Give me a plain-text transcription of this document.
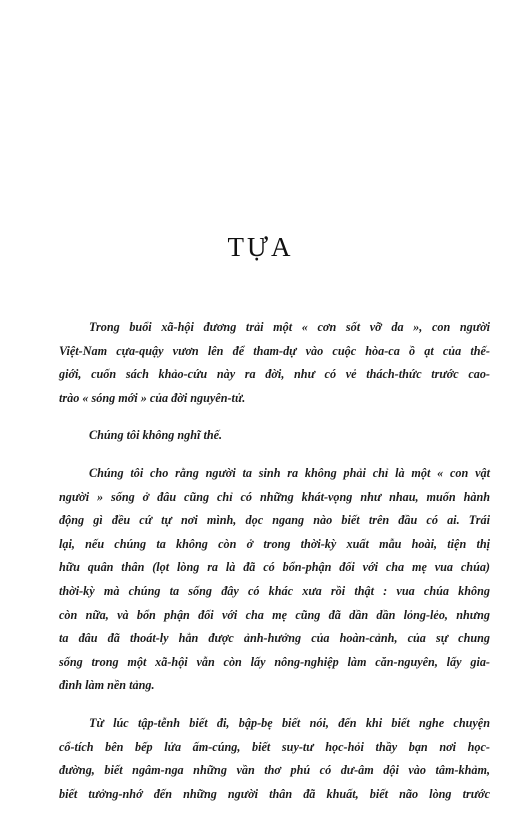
TỰA
Trong buổi xã-hội đương trải một « cơn sốt vỡ da », con người
Việt-Nam cựa-quậy vươn lên để tham-dự vào cuộc hòa-ca ồ ạt của thế-
giới, cuốn sách khảo-cứu này ra đời, như có vẻ thách-thức trước cao-
trào « sóng mới » của đời nguyên-tử.
Chúng tôi không nghĩ thế.
Chúng tôi cho rằng người ta sinh ra không phải chỉ là một « con vật
người » sống ở đâu cũng chỉ có những khát-vọng như nhau, muốn hành
động gì đều cứ tự nơi mình, dọc ngang nào biết trên đầu có ai. Trái
lại, nếu chúng ta không còn ở trong thời-kỳ xuất mẫu hoài, tiện thị
hữu quân thân (lọt lòng ra là đã có bổn-phận đối với cha mẹ vua chúa)
thời-kỳ mà chúng ta sống đây có khác xưa rồi thật : vua chúa không
còn nữa, và bổn phận đối với cha mẹ cũng đã dần dần lỏng-lẻo, nhưng
ta đâu đã thoát-ly hẳn được ảnh-hưởng của hoàn-cảnh, của sự chung
sống trong một xã-hội vẫn còn lấy nông-nghiệp làm căn-nguyên, lấy gia-
đình làm nền tảng.
Từ lúc tập-tễnh biết đi, bập-bẹ biết nói, đến khi biết nghe chuyện
cổ-tích bên bếp lửa ấm-cúng, biết suy-tư học-hỏi thầy bạn nơi học-
đường, biết ngâm-nga những vần thơ phú có dư-âm dội vào tâm-khảm,
biết tưởng-nhớ đến những người thân đã khuất, biết não lòng trước
